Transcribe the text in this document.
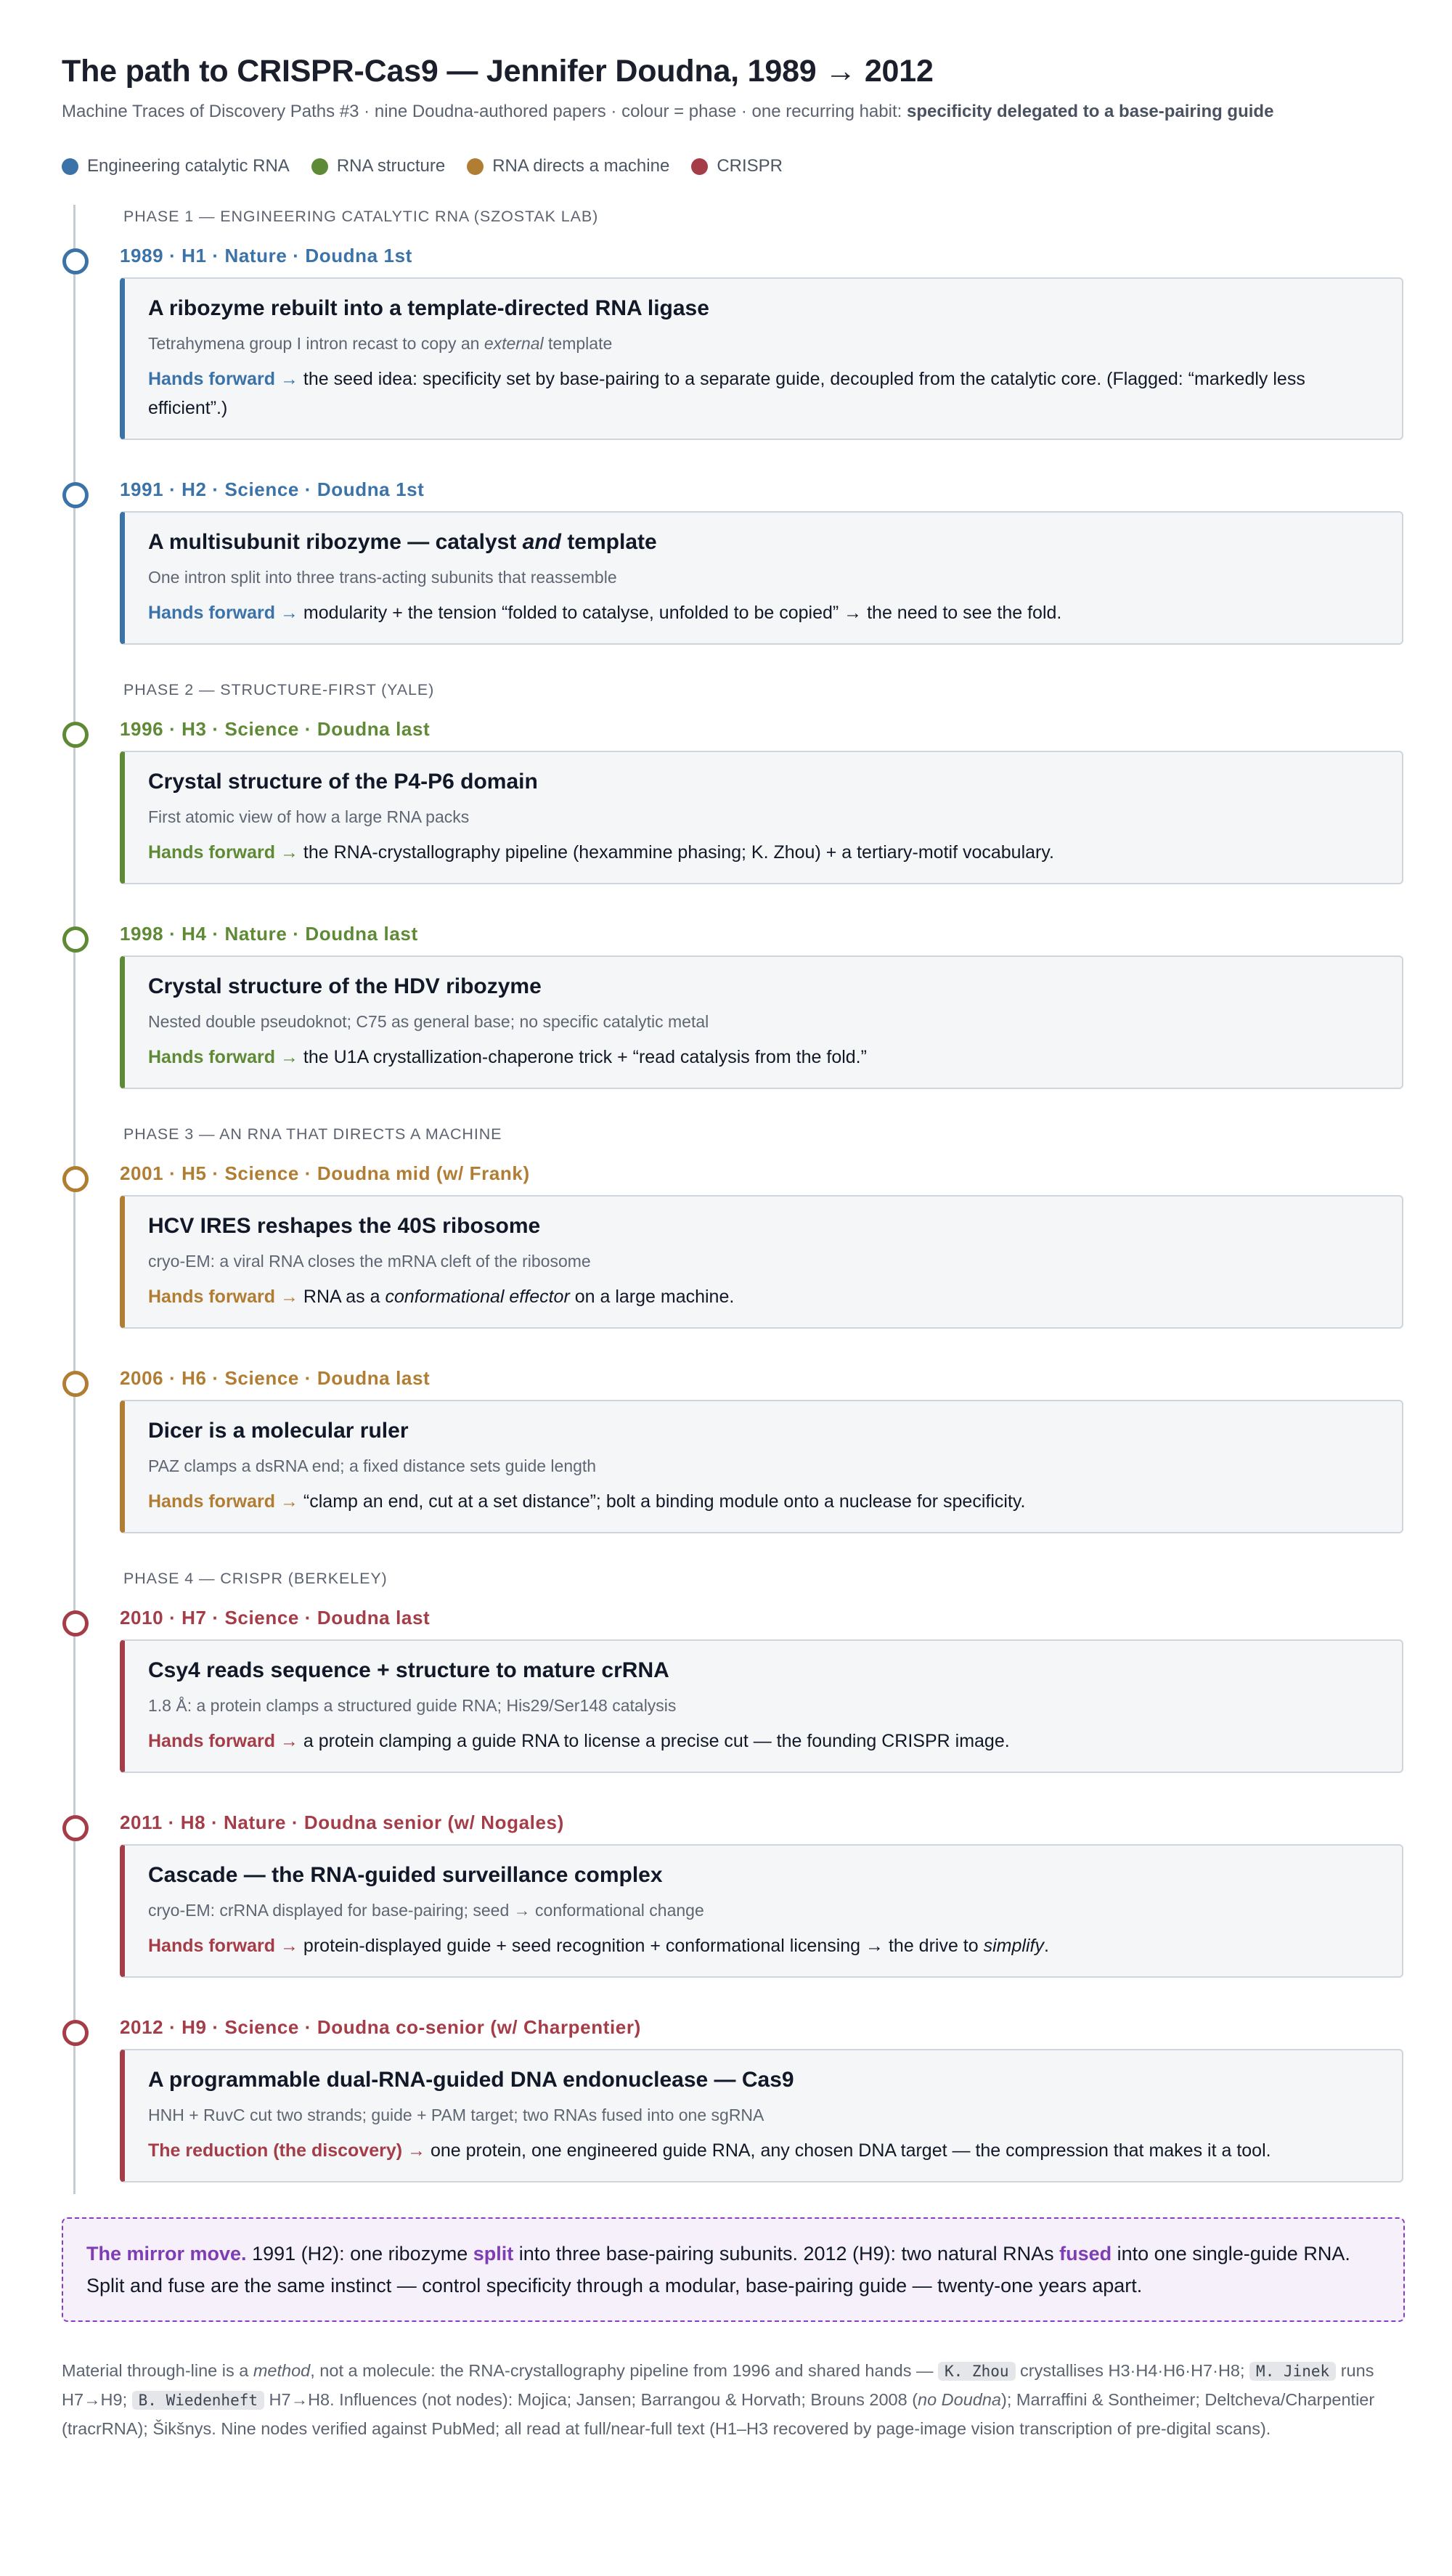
The path to CRISPR-Cas9 — Jennifer Doudna, 1989 → 2012
Machine Traces of Discovery Paths #3 · nine Doudna-authored papers · colour = phase · one recurring habit: specificity delegated to a base-pairing guide
Engineering catalytic RNA	RNA structure	RNA directs a machine	CRISPR
PHASE 1 — ENGINEERING CATALYTIC RNA (SZOSTAK LAB)
1989 · H1 · Nature · Doudna 1st
A ribozyme rebuilt into a template-directed RNA ligase
Tetrahymena group I intron recast to copy an external template
Hands forward → the seed idea: specificity set by base-pairing to a separate guide, decoupled from the catalytic core. (Flagged: “markedly less efficient”.)
1991 · H2 · Science · Doudna 1st
A multisubunit ribozyme — catalyst and template
One intron split into three trans-acting subunits that reassemble
Hands forward → modularity + the tension “folded to catalyse, unfolded to be copied” → the need to see the fold.
PHASE 2 — STRUCTURE-FIRST (YALE)
1996 · H3 · Science · Doudna last
Crystal structure of the P4-P6 domain
First atomic view of how a large RNA packs
Hands forward → the RNA-crystallography pipeline (hexammine phasing; K. Zhou) + a tertiary-motif vocabulary.
1998 · H4 · Nature · Doudna last
Crystal structure of the HDV ribozyme
Nested double pseudoknot; C75 as general base; no specific catalytic metal
Hands forward → the U1A crystallization-chaperone trick + “read catalysis from the fold.”
PHASE 3 — AN RNA THAT DIRECTS A MACHINE
2001 · H5 · Science · Doudna mid (w/ Frank)
HCV IRES reshapes the 40S ribosome
cryo-EM: a viral RNA closes the mRNA cleft of the ribosome
Hands forward → RNA as a conformational effector on a large machine.
2006 · H6 · Science · Doudna last
Dicer is a molecular ruler
PAZ clamps a dsRNA end; a fixed distance sets guide length
Hands forward → “clamp an end, cut at a set distance”; bolt a binding module onto a nuclease for specificity.
PHASE 4 — CRISPR (BERKELEY)
2010 · H7 · Science · Doudna last
Csy4 reads sequence + structure to mature crRNA
1.8 Å: a protein clamps a structured guide RNA; His29/Ser148 catalysis
Hands forward → a protein clamping a guide RNA to license a precise cut — the founding CRISPR image.
2011 · H8 · Nature · Doudna senior (w/ Nogales)
Cascade — the RNA-guided surveillance complex
cryo-EM: crRNA displayed for base-pairing; seed → conformational change
Hands forward → protein-displayed guide + seed recognition + conformational licensing → the drive to simplify.
2012 · H9 · Science · Doudna co-senior (w/ Charpentier)
A programmable dual-RNA-guided DNA endonuclease — Cas9
HNH + RuvC cut two strands; guide + PAM target; two RNAs fused into one sgRNA
The reduction (the discovery) → one protein, one engineered guide RNA, any chosen DNA target — the compression that makes it a tool.
The mirror move. 1991 (H2): one ribozyme split into three base-pairing subunits. 2012 (H9): two natural RNAs fused into one single-guide RNA. Split and fuse are the same instinct — control specificity through a modular, base-pairing guide — twenty-one years apart.
Material through-line is a method, not a molecule: the RNA-crystallography pipeline from 1996 and shared hands — K. Zhou crystallises H3·H4·H6·H7·H8; M. Jinek runs H7→H9; B. Wiedenheft H7→H8. Influences (not nodes): Mojica; Jansen; Barrangou & Horvath; Brouns 2008 (no Doudna); Marraffini & Sontheimer; Deltcheva/Charpentier (tracrRNA); Šikšnys. Nine nodes verified against PubMed; all read at full/near-full text (H1–H3 recovered by page-image vision transcription of pre-digital scans).
